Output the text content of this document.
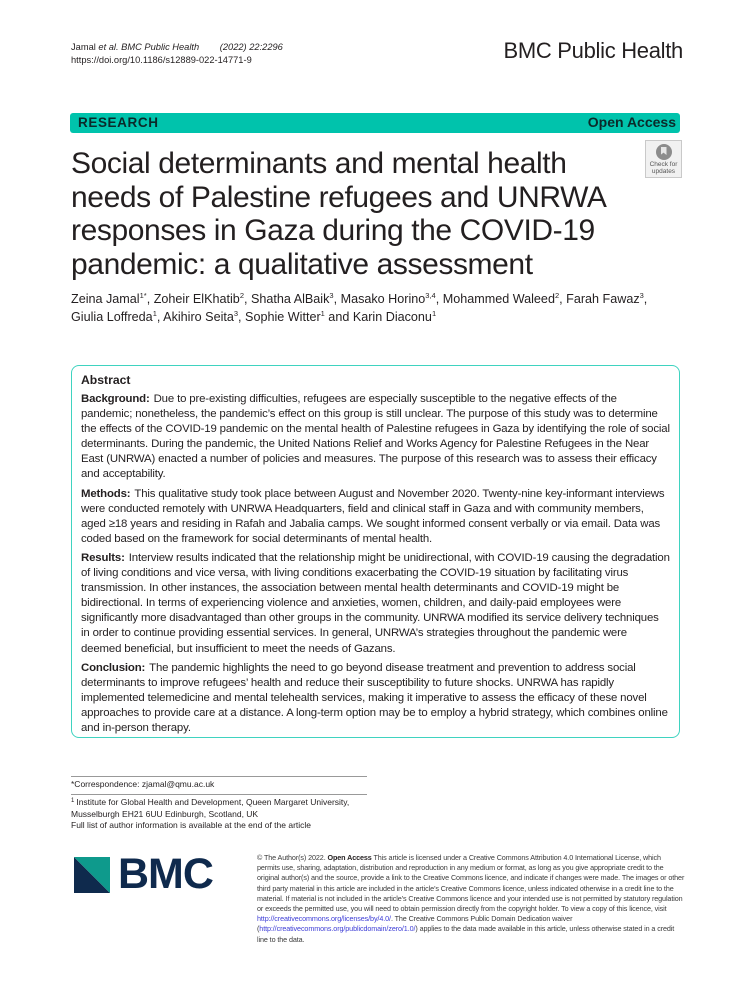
Jamal et al. BMC Public Health (2022) 22:2296
https://doi.org/10.1186/s12889-022-14771-9	BMC Public Health
RESEARCH	Open Access
Check for
updates
Social determinants and mental health needs of Palestine refugees and UNRWA responses in Gaza during the COVID-19 pandemic: a qualitative assessment
Zeina Jamal$^{1*}$, Zoheir ElKhatib$^2$, Shatha AlBaik$^3$, Masako Horino$^{3,4}$, Mohammed Waleed$^2$, Farah Fawaz$^3$,
Giulia Loffreda$^1$, Akihiro Seita$^3$, Sophie Witter$^1$ and Karin Diaconu$^1$
Abstract

Background: Due to pre-existing difficulties, refugees are especially susceptible to the negative effects of the pandemic; nonetheless, the pandemic’s effect on this group is still unclear. The purpose of this study was to determine the effects of the COVID-19 pandemic on the mental health of Palestine refugees in Gaza by identifying the role of social determinants. During the pandemic, the United Nations Relief and Works Agency for Palestine Refugees in the Near East (UNRWA) enacted a number of policies and measures. The purpose of this research was to assess their efficacy and acceptability.

Methods: This qualitative study took place between August and November 2020. Twenty-nine key-informant interviews were conducted remotely with UNRWA Headquarters, field and clinical staff in Gaza and with community members, aged ≥18 years and residing in Rafah and Jabalia camps. We sought informed consent verbally or via email. Data was coded based on the framework for social determinants of mental health.

Results: Interview results indicated that the relationship might be unidirectional, with COVID-19 causing the degradation of living conditions and vice versa, with living conditions exacerbating the COVID-19 situation by facilitating virus transmission. In other instances, the association between mental health determinants and COVID-19 might be bidirectional. In terms of experiencing violence and anxieties, women, children, and daily-paid employees were significantly more disadvantaged than other groups in the community. UNRWA modified its service delivery techniques in order to continue providing essential services. In general, UNRWA’s strategies throughout the pandemic were deemed beneficial, but insufficient to meet the needs of Gazans.

Conclusion: The pandemic highlights the need to go beyond disease treatment and prevention to address social determinants to improve refugees’ health and reduce their susceptibility to future shocks. UNRWA has rapidly implemented telemedicine and mental telehealth services, making it imperative to assess the efficacy of these novel approaches to provide care at a distance. A long-term option may be to employ a hybrid strategy, which combines online and in-person therapy.

*Correspondence: zjamal@qmu.ac.uk
$^1$ Institute for Global Health and Development, Queen Margaret University, Musselburgh EH21 6UU Edinburgh, Scotland, UK
Full list of author information is available at the end of the article
BMC	© The Author(s) 2022. Open Access This article is licensed under a Creative Commons Attribution 4.0 International License, which permits use, sharing, adaptation, distribution and reproduction in any medium or format, as long as you give appropriate credit to the original author(s) and the source, provide a link to the Creative Commons licence, and indicate if changes were made. The images or other third party material in this article are included in the article’s Creative Commons licence, unless indicated otherwise in a credit line to the material. If material is not included in the article’s Creative Commons licence and your intended use is not permitted by statutory regulation or exceeds the permitted use, you will need to obtain permission directly from the copyright holder. To view a copy of this licence, visit http://creativecommons.org/licenses/by/4.0/. The Creative Commons Public Domain Dedication waiver (http://creativecommons.org/publicdomain/zero/1.0/) applies to the data made available in this article, unless otherwise stated in a credit line to the data.
